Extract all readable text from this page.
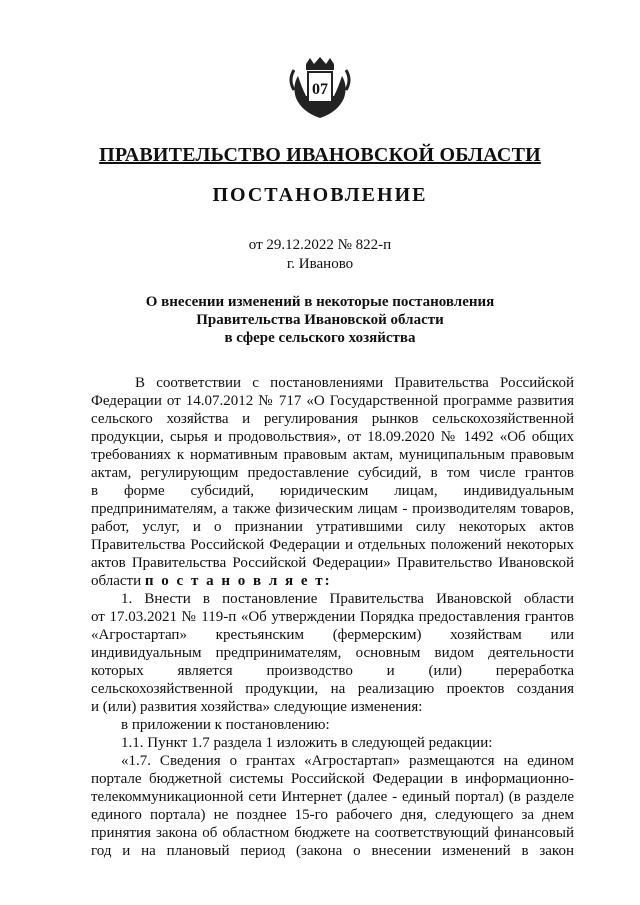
07
ПРАВИТЕЛЬСТВО ИВАНОВСКОЙ ОБЛАСТИ
ПОСТАНОВЛЕНИЕ
от 29.12.2022 № 822-п
г. Иваново
О внесении изменений в некоторые постановления
Правительства Ивановской области
в сфере сельского хозяйства
В соответствии с постановлениями Правительства Российской
Федерации от 14.07.2012 № 717 «О Государственной программе развития
сельского хозяйства и регулирования рынков сельскохозяйственной
продукции, сырья и продовольствия», от 18.09.2020 № 1492 «Об общих
требованиях к нормативным правовым актам, муниципальным правовым
актам, регулирующим предоставление субсидий, в том числе грантов
в форме субсидий, юридическим лицам, индивидуальным
предпринимателям, а также физическим лицам - производителям товаров,
работ, услуг, и о признании утратившими силу некоторых актов
Правительства Российской Федерации и отдельных положений некоторых
актов Правительства Российской Федерации» Правительство Ивановской
области п о с т а н о в л я е т:
1. Внести в постановление Правительства Ивановской области
от 17.03.2021 № 119-п «Об утверждении Порядка предоставления грантов
«Агростартап» крестьянским (фермерским) хозяйствам или
индивидуальным предпринимателям, основным видом деятельности
которых является производство и (или) переработка
сельскохозяйственной продукции, на реализацию проектов создания
и (или) развития хозяйства» следующие изменения:
в приложении к постановлению:
1.1. Пункт 1.7 раздела 1 изложить в следующей редакции:
«1.7. Сведения о грантах «Агростартап» размещаются на едином
портале бюджетной системы Российской Федерации в информационно-
телекоммуникационной сети Интернет (далее - единый портал) (в разделе
единого портала) не позднее 15-го рабочего дня, следующего за днем
принятия закона об областном бюджете на соответствующий финансовый
год и на плановый период (закона о внесении изменений в закон
